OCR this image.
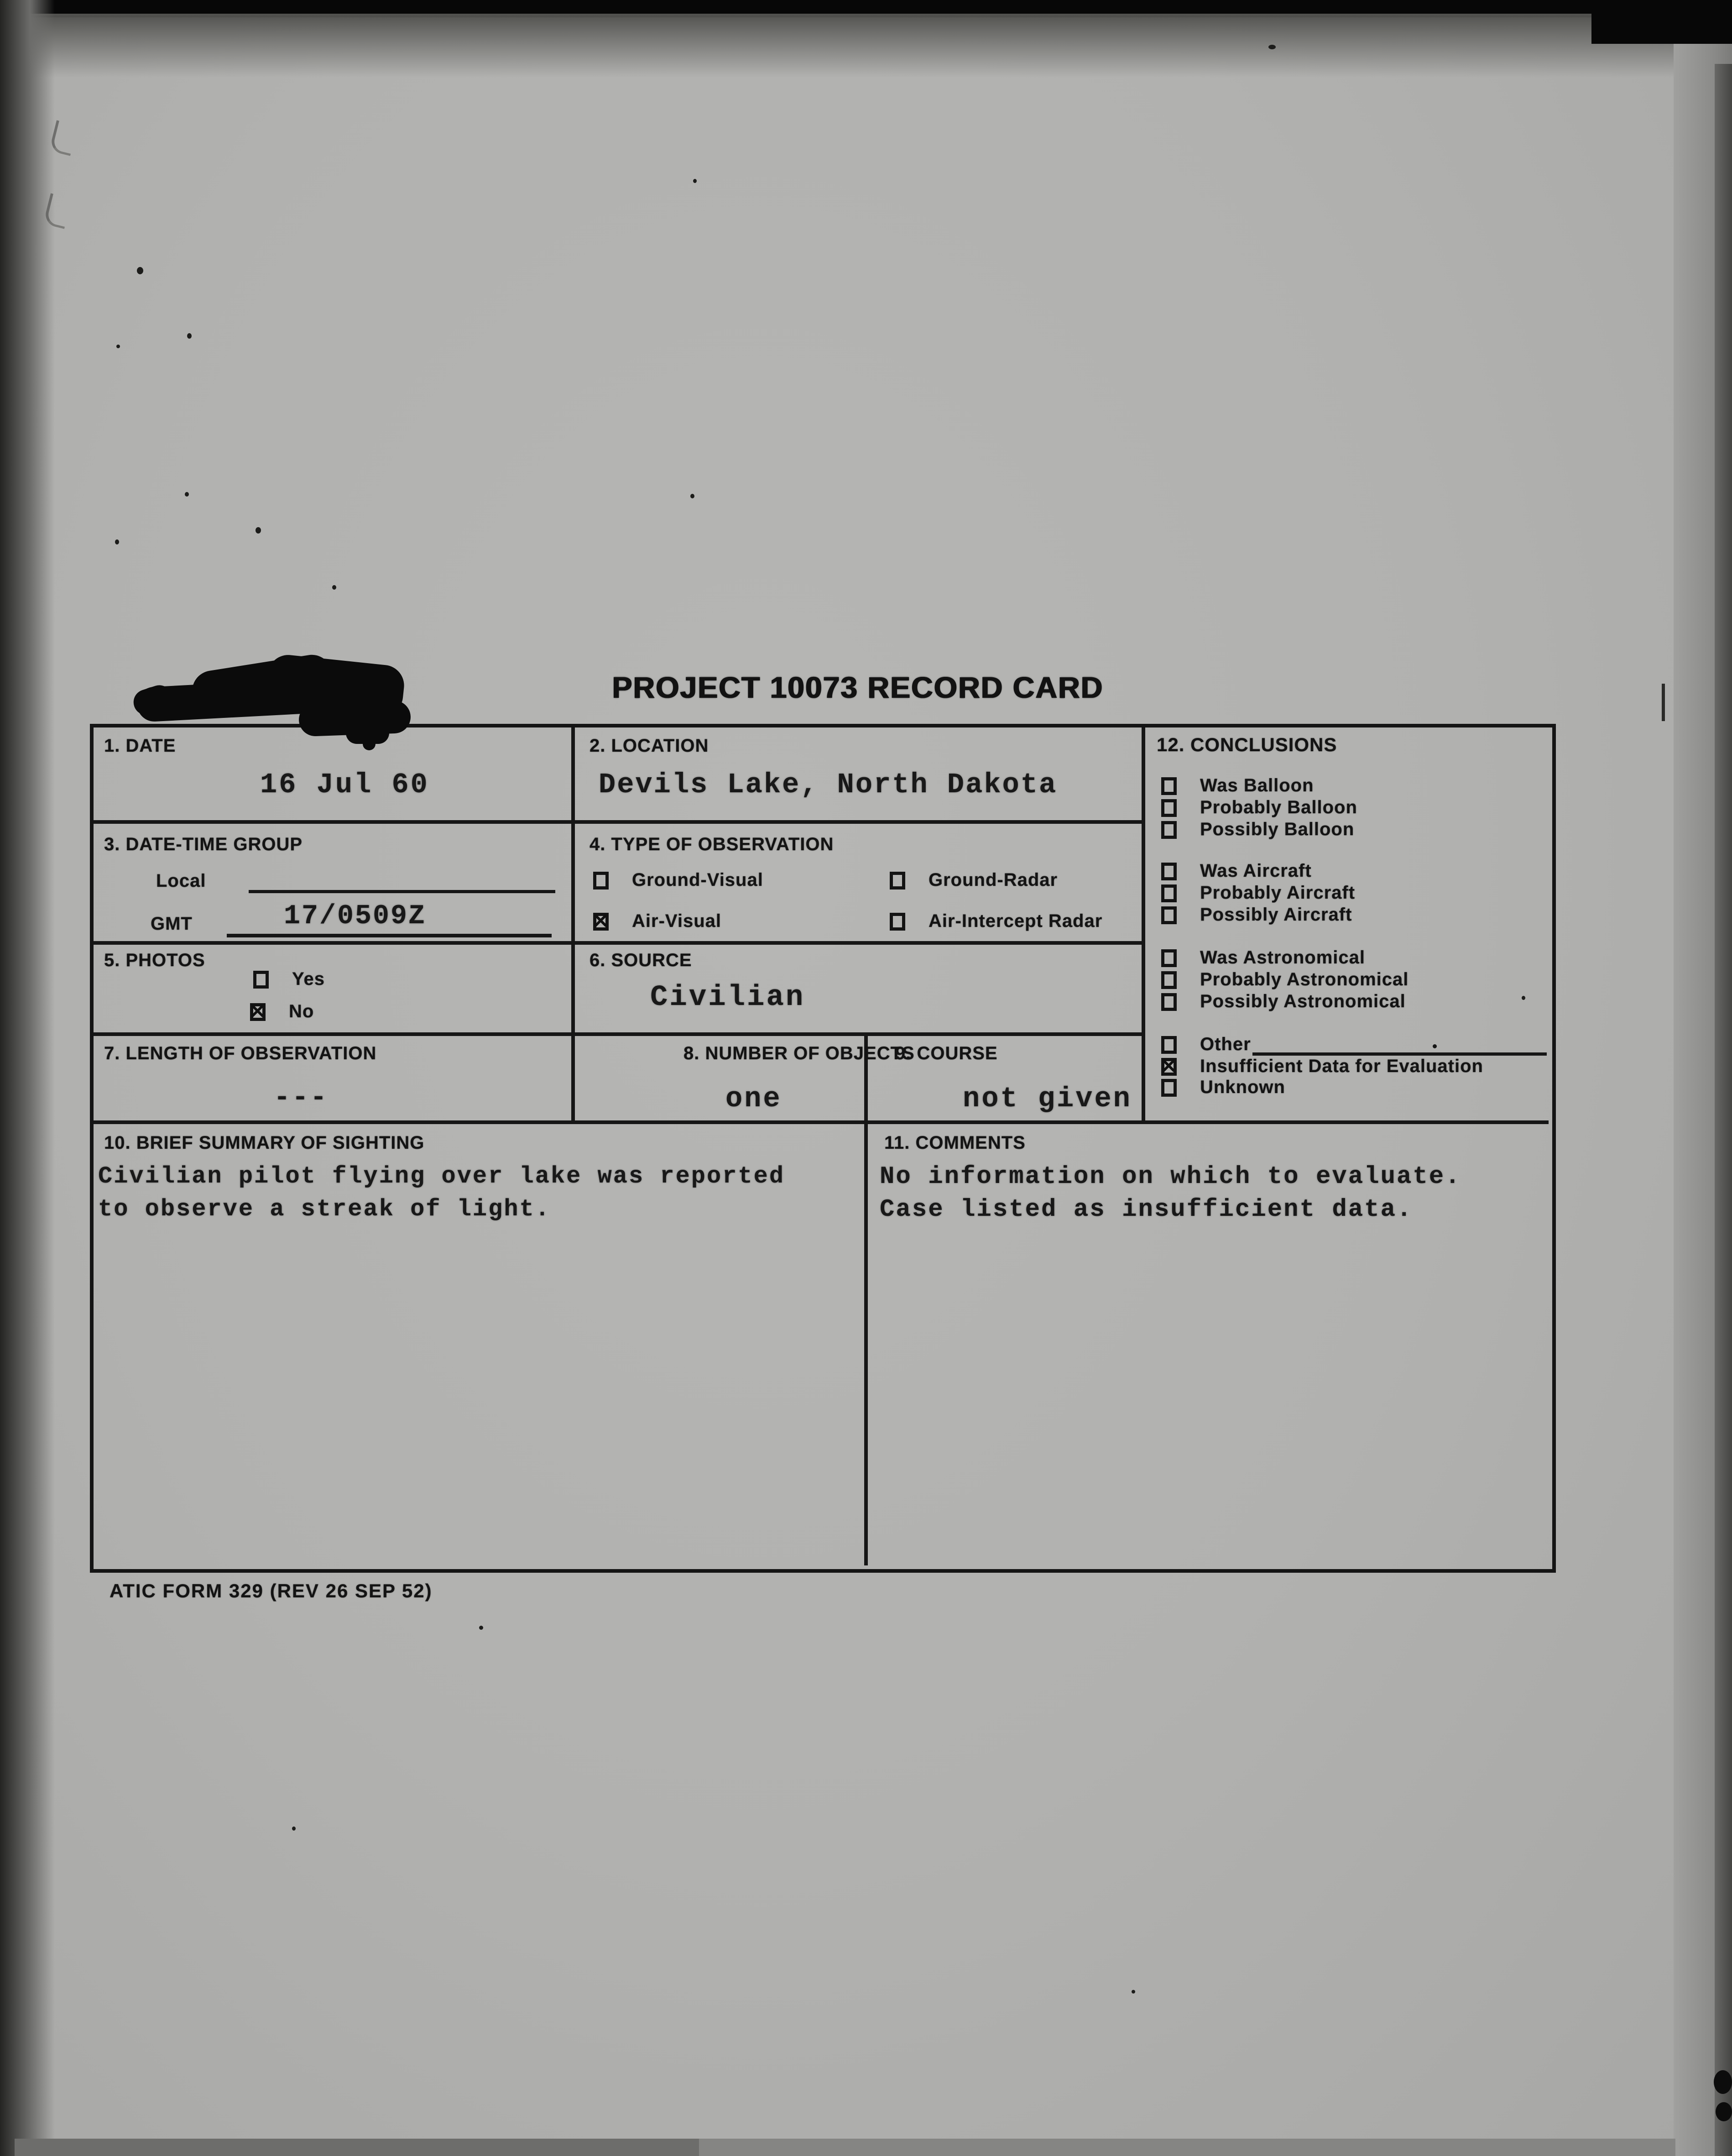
PROJECT 10073 RECORD CARD
1. DATE
16 Jul 60
2. LOCATION
Devils Lake, North Dakota
3. DATE-TIME GROUP
Local
GMT	17/0509Z
4. TYPE OF OBSERVATION
Ground-Visual	Ground-Radar
✕
Air-Visual	Air-Intercept Radar
5. PHOTOS
Yes
✕
No
6. SOURCE
Civilian
7. LENGTH OF OBSERVATION
---
8. NUMBER OF OBJECTS
one
9. COURSE
not given
10. BRIEF SUMMARY OF SIGHTING
Civilian pilot flying over lake was reported
to observe a streak of light.
11. COMMENTS
No information on which to evaluate.
Case listed as insufficient data.
12. CONCLUSIONS
Was Balloon
Probably Balloon
Possibly Balloon
Was Aircraft
Probably Aircraft
Possibly Aircraft
Was Astronomical
Probably Astronomical
Possibly Astronomical
Other
✕
Insufficient Data for Evaluation
Unknown
ATIC FORM 329 (REV 26 SEP 52)
